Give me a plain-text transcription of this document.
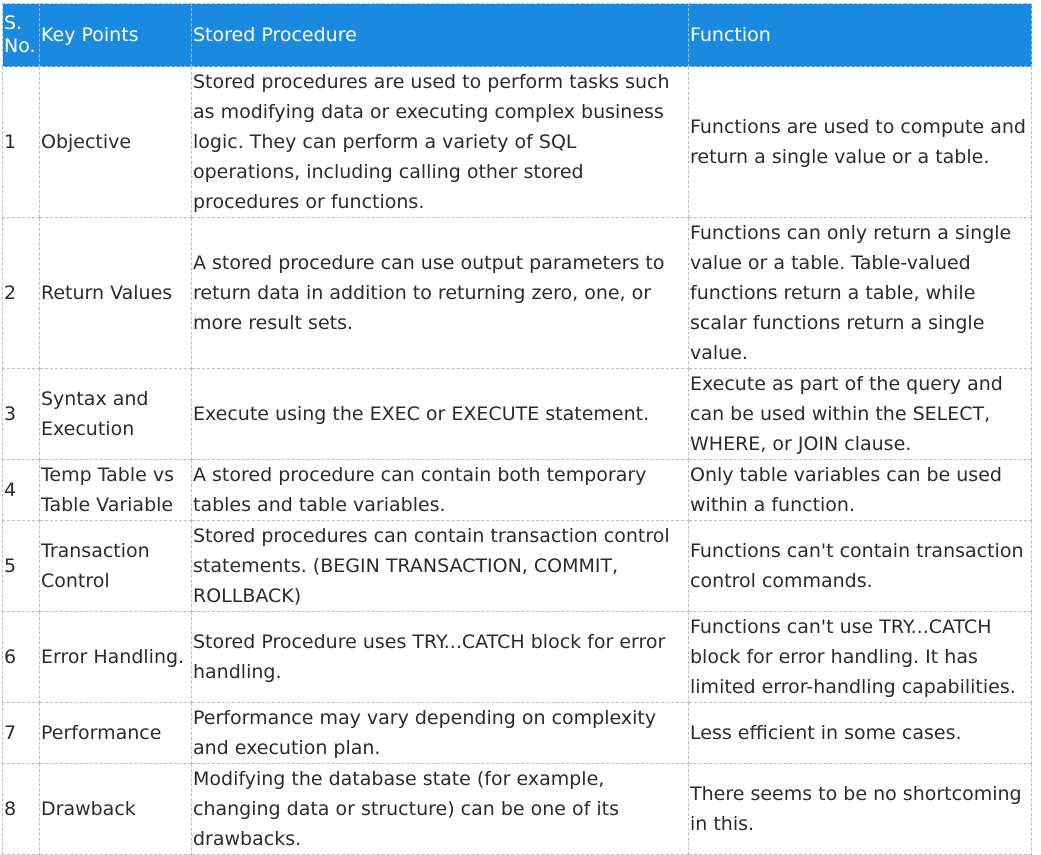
S. No.	Key Points	Stored Procedure	Function
1	Objective	Stored procedures are used to perform tasks such as modifying data or executing complex business logic. They can perform a variety of SQL operations, including calling other stored procedures or functions.	Functions are used to compute and return a single value or a table.
2	Return Values	A stored procedure can use output parameters to return data in addition to returning zero, one, or more result sets.	Functions can only return a single value or a table. Table-valued functions return a table, while scalar functions return a single value.
3	Syntax and Execution	Execute using the EXEC or EXECUTE statement.	Execute as part of the query and can be used within the SELECT, WHERE, or JOIN clause.
4	Temp Table vs Table Variable	A stored procedure can contain both temporary tables and table variables.	Only table variables can be used within a function.
5	Transaction Control	Stored procedures can contain transaction control statements. (BEGIN TRANSACTION, COMMIT, ROLLBACK)	Functions can't contain transaction control commands.
6	Error Handling.	Stored Procedure uses TRY...CATCH block for error handling.	Functions can't use TRY...CATCH block for error handling. It has limited error-handling capabilities.
7	Performance	Performance may vary depending on complexity and execution plan.	Less efficient in some cases.
8	Drawback	Modifying the database state (for example, changing data or structure) can be one of its drawbacks.	There seems to be no shortcoming in this.
